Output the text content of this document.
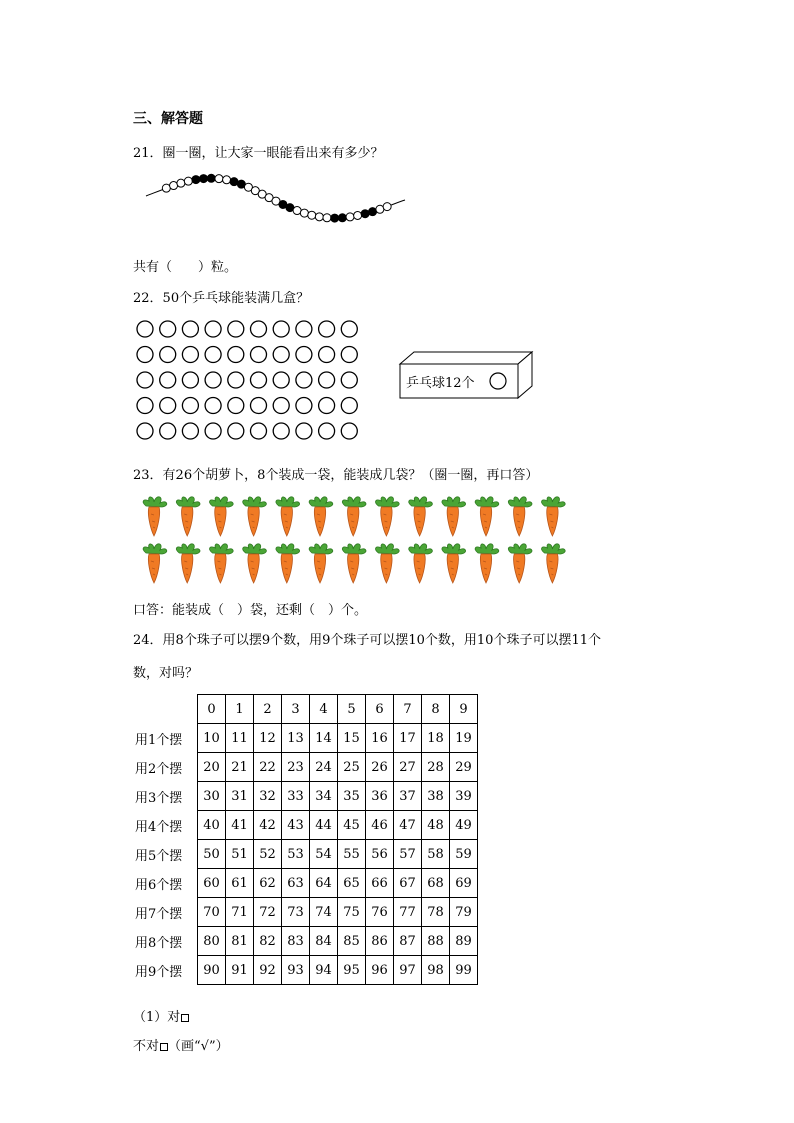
三、解答题
21．圈一圈，让大家一眼能看出来有多少？
共有（　　）粒。
22．50个乒乓球能装满几盒？
乒乓球12个
23．有26个胡萝卜，8个装成一袋，能装成几袋？（圈一圈，再口答）
口答：能装成（　）袋，还剩（　）个。
24．用8个珠子可以摆9个数，用9个珠子可以摆10个数，用10个珠子可以摆11个
数，对吗？
	0	1	2	3	4	5	6	7	8	9
用1个摆	10	11	12	13	14	15	16	17	18	19
用2个摆	20	21	22	23	24	25	26	27	28	29
用3个摆	30	31	32	33	34	35	36	37	38	39
用4个摆	40	41	42	43	44	45	46	47	48	49
用5个摆	50	51	52	53	54	55	56	57	58	59
用6个摆	60	61	62	63	64	65	66	67	68	69
用7个摆	70	71	72	73	74	75	76	77	78	79
用8个摆	80	81	82	83	84	85	86	87	88	89
用9个摆	90	91	92	93	94	95	96	97	98	99
（1）对
不对 （画“√”）
